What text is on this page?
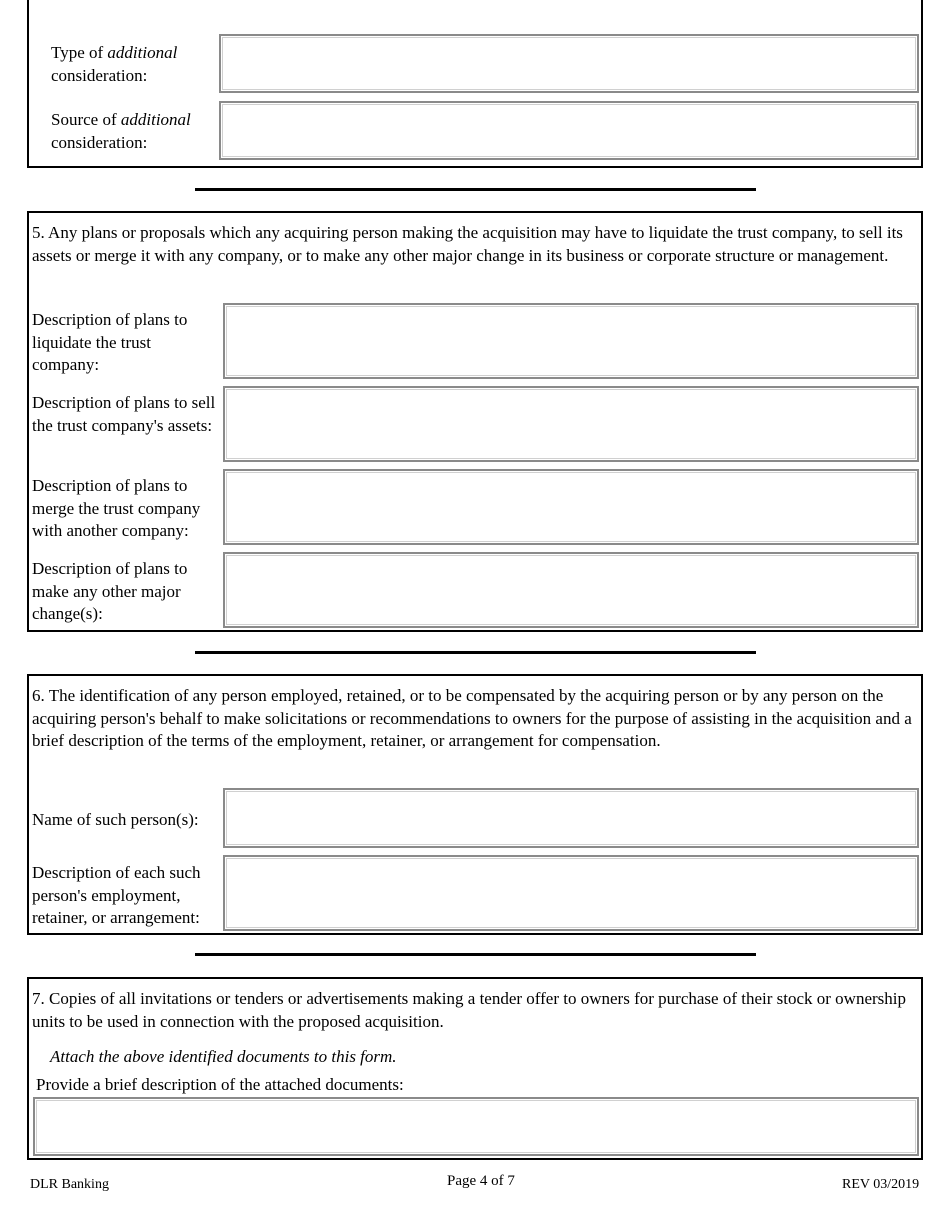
Type of additional
consideration:
Source of additional
consideration:
5. Any plans or proposals which any acquiring person making the acquisition may have to liquidate the trust company, to sell its assets or merge it with any company, or to make any other major change in its business or corporate structure or management.
Description of plans to liquidate the trust company:
Description of plans to sell the trust company's assets:
Description of plans to merge the trust company with another company:
Description of plans to make any other major change(s):
6. The identification of any person employed, retained, or to be compensated by the acquiring person or by any person on the acquiring person's behalf to make solicitations or recommendations to owners for the purpose of assisting in the acquisition and a brief description of the terms of the employment, retainer, or arrangement for compensation.
Name of such person(s):
Description of each such person's employment, retainer, or arrangement:
7. Copies of all invitations or tenders or advertisements making a tender offer to owners for purchase of their stock or ownership units to be used in connection with the proposed acquisition.
Attach the above identified documents to this form.
Provide a brief description of the attached documents:
DLR Banking	Page 4 of 7	REV 03/2019
